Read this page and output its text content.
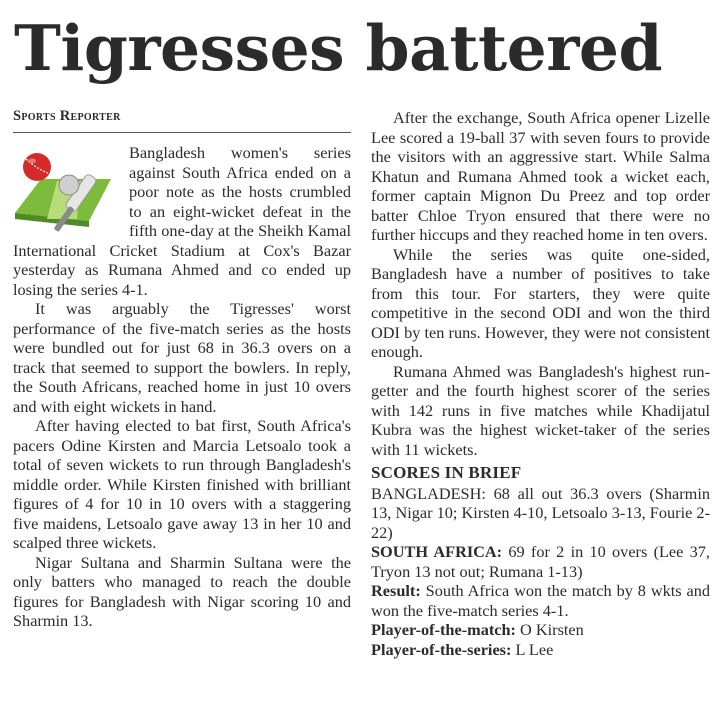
Tigresses battered
Sports Reporter

Bangladesh women's series against South Africa ended on a poor note as the hosts crumbled to an eight-wicket defeat in the fifth one-day at the Sheikh Kamal International Cricket Stadium at Cox's Bazar yesterday as Rumana Ahmed and co ended up losing the series 4-1.

It was arguably the Tigresses' worst performance of the five-match series as the hosts were bundled out for just 68 in 36.3 overs on a track that seemed to support the bowlers. In reply, the South Africans, reached home in just 10 overs and with eight wickets in hand.

After having elected to bat first, South Africa's pacers Odine Kirsten and Marcia Letsoalo took a total of seven wickets to run through Bangladesh's middle order. While Kirsten finished with brilliant figures of 4 for 10 in 10 overs with a staggering five maidens, Letsoalo gave away 13 in her 10 and scalped three wickets.

Nigar Sultana and Sharmin Sultana were the only batters who managed to reach the double figures for Bangladesh with Nigar scoring 10 and Sharmin 13.

After the exchange, South Africa opener Lizelle Lee scored a 19-ball 37 with seven fours to provide the visitors with an aggressive start. While Salma Khatun and Rumana Ahmed took a wicket each, former captain Mignon Du Preez and top order batter Chloe Tryon ensured that there were no further hiccups and they reached home in ten overs.

While the series was quite one-sided, Bangladesh have a number of positives to take from this tour. For starters, they were quite competitive in the second ODI and won the third ODI by ten runs. However, they were not consistent enough.

Rumana Ahmed was Bangladesh's highest run-getter and the fourth highest scorer of the series with 142 runs in five matches while Khadijatul Kubra was the highest wicket-taker of the series with 11 wickets.

SCORES IN BRIEF

BANGLADESH: 68 all out 36.3 overs (Sharmin 13, Nigar 10; Kirsten 4-10, Letsoalo 3-13, Fourie 2-22)

SOUTH AFRICA: 69 for 2 in 10 overs (Lee 37, Tryon 13 not out; Rumana 1-13)

Result: South Africa won the match by 8 wkts and won the five-match series 4-1.

Player-of-the-match: O Kirsten

Player-of-the-series: L Lee
